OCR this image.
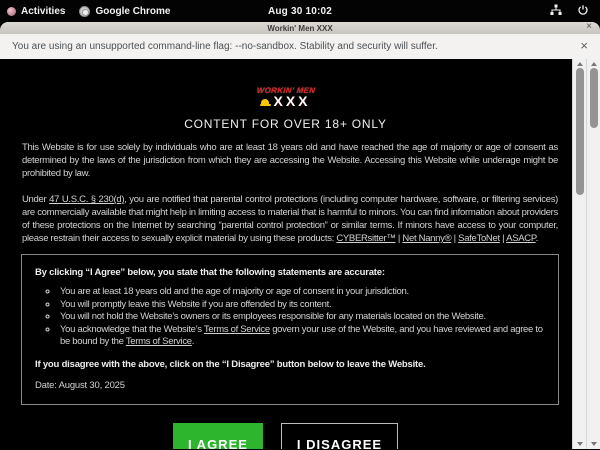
Activities	Google Chrome	Aug 30 10:02
Workin' Men XXX	×
You are using an unsupported command-line flag: --no-sandbox. Stability and security will suffer.	×
WORKIN’ MEN
XXX
CONTENT FOR OVER 18+ ONLY

This Website is for use solely by individuals who are at least 18 years old and have reached the age of majority or age of consent as determined by the laws of the jurisdiction from which they are accessing the Website. Accessing this Website while underage might be prohibited by law.

Under 47 U.S.C. § 230(d), you are notified that parental control protections (including computer hardware, software, or filtering services) are commercially available that might help in limiting access to material that is harmful to minors. You can find information about providers of these protections on the Internet by searching “parental control protection” or similar terms. If minors have access to your computer, please restrain their access to sexually explicit material by using these products: CYBERsitter™ | Net Nanny® | SafeToNet | ASACP.

By clicking “I Agree” below, you state that the following statements are accurate:
◦ You are at least 18 years old and the age of majority or age of consent in your jurisdiction.
◦ You will promptly leave this Website if you are offended by its content.
◦ You will not hold the Website’s owners or its employees responsible for any materials located on the Website.
◦ You acknowledge that the Website’s Terms of Service govern your use of the Website, and you have reviewed and agree to be bound by the Terms of Service.
If you disagree with the above, click on the “I Disagree” button below to leave the Website.
Date: August 30, 2025
I AGREE	I DISAGREE
